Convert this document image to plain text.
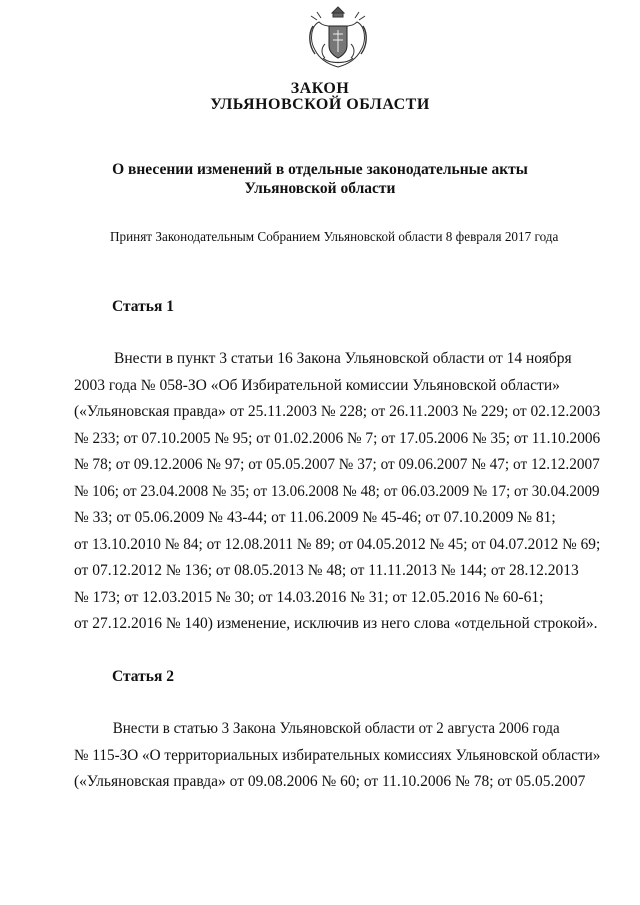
ЗАКОН
УЛЬЯНОВСКОЙ ОБЛАСТИ
О внесении изменений в отдельные законодательные акты
Ульяновской области
Принят Законодательным Собранием Ульяновской области 8 февраля 2017 года
Статья 1
Внести в пункт 3 статьи 16 Закона Ульяновской области от 14 ноября
2003 года № 058-ЗО «Об Избирательной комиссии Ульяновской области» («Ульяновская правда» от 25.11.2003 № 228; от 26.11.2003 № 229; от 02.12.2003 № 233; от 07.10.2005 № 95; от 01.02.2006 № 7; от 17.05.2006 № 35; от 11.10.2006 № 78; от 09.12.2006 № 97; от 05.05.2007 № 37; от 09.06.2007 № 47; от 12.12.2007 № 106; от 23.04.2008 № 35; от 13.06.2008 № 48; от 06.03.2009 № 17; от 30.04.2009 № 33; от 05.06.2009 № 43-44; от 11.06.2009 № 45-46; от 07.10.2009 № 81; от 13.10.2010 № 84; от 12.08.2011 № 89; от 04.05.2012 № 45; от 04.07.2012 № 69; от 07.12.2012 № 136; от 08.05.2013 № 48; от 11.11.2013 № 144; от 28.12.2013 № 173; от 12.03.2015 № 30; от 14.03.2016 № 31; от 12.05.2016 № 60-61; от 27.12.2016 № 140) изменение, исключив из него слова «отдельной строкой».
Статья 2
Внести в статью 3 Закона Ульяновской области от 2 августа 2006 года № 115-ЗО «О территориальных избирательных комиссиях Ульяновской области» («Ульяновская правда» от 09.08.2006 № 60; от 11.10.2006 № 78; от 05.05.2007
